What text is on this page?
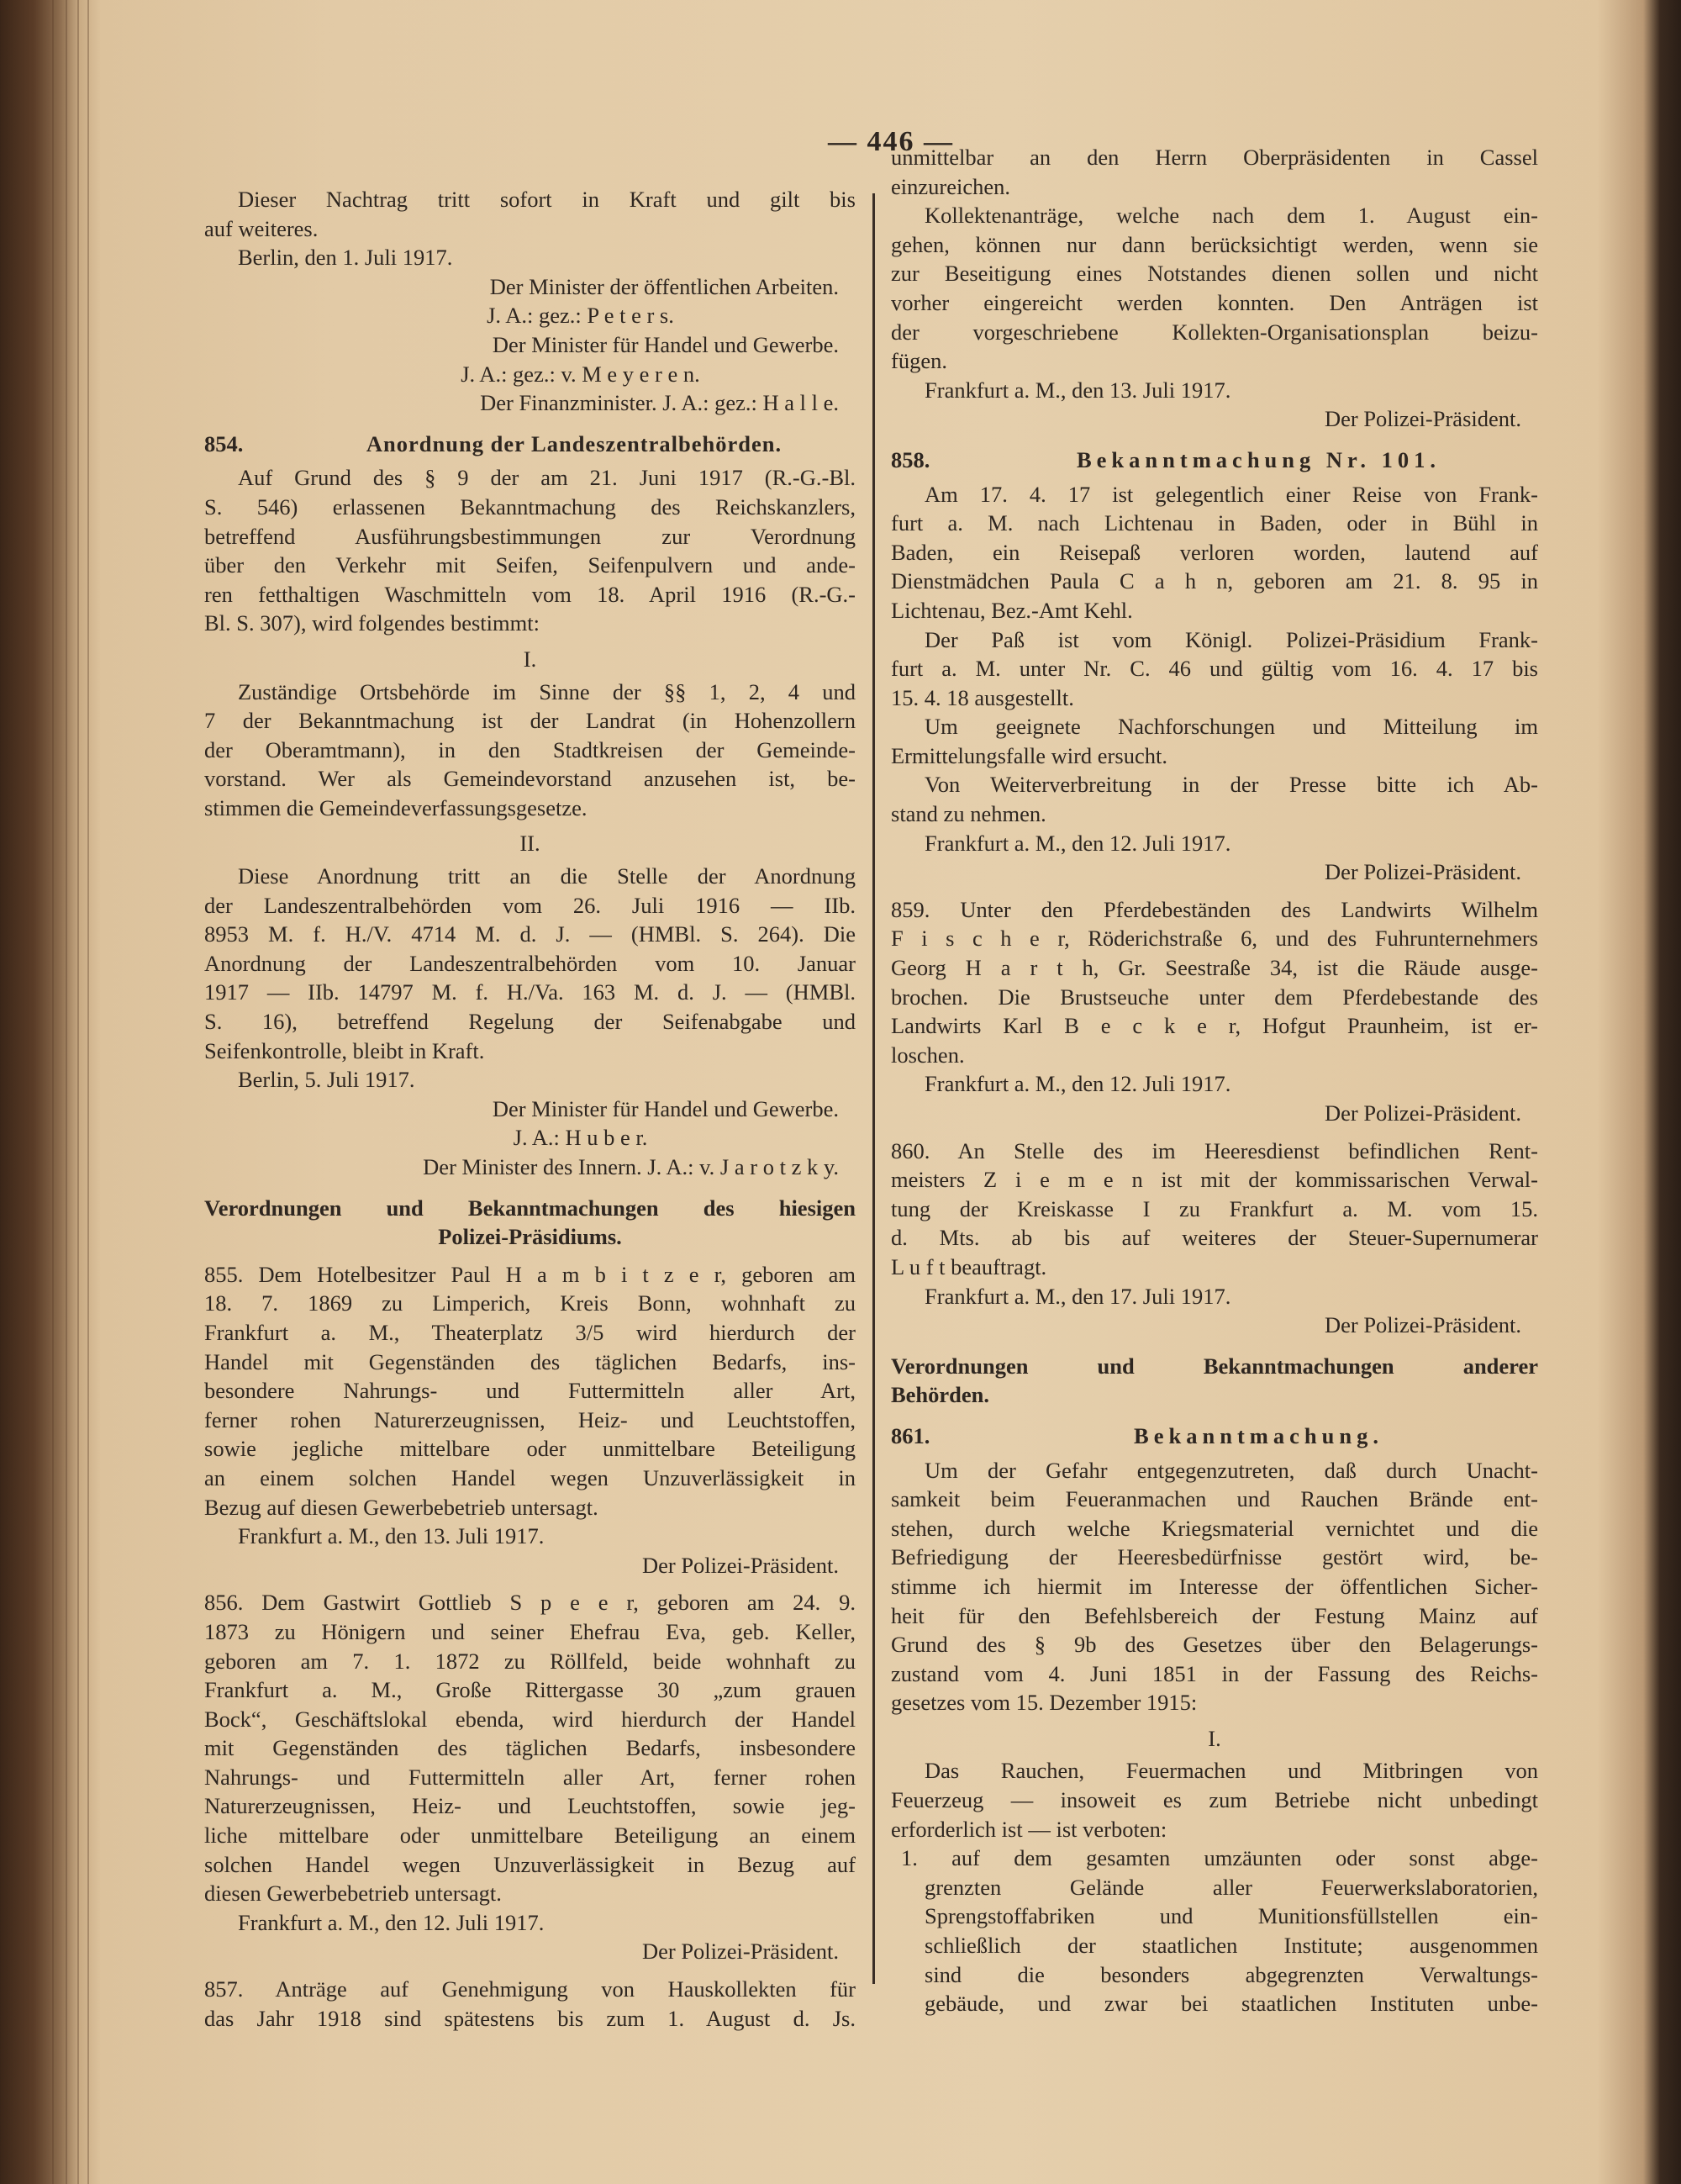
— 446 —
Dieser Nachtrag tritt sofort in Kraft und gilt bis
auf weiteres.
Berlin, den 1. Juli 1917.
Der Minister der öffentlichen Arbeiten.
J. A.: gez.: P e t e r s.
Der Minister für Handel und Gewerbe.
J. A.: gez.: v. M e y e r e n.
Der Finanzminister. J. A.: gez.: H a l l e.
854.	Anordnung der Landeszentralbehörden.
Auf Grund des § 9 der am 21. Juni 1917 (R.-G.-Bl.
S. 546) erlassenen Bekanntmachung des Reichskanzlers,
betreffend Ausführungsbestimmungen zur Verordnung
über den Verkehr mit Seifen, Seifenpulvern und ande-
ren fetthaltigen Waschmitteln vom 18. April 1916 (R.-G.-
Bl. S. 307), wird folgendes bestimmt:
I.
Zuständige Ortsbehörde im Sinne der §§ 1, 2, 4 und
7 der Bekanntmachung ist der Landrat (in Hohenzollern
der Oberamtmann), in den Stadtkreisen der Gemeinde-
vorstand. Wer als Gemeindevorstand anzusehen ist, be-
stimmen die Gemeindeverfassungsgesetze.
II.
Diese Anordnung tritt an die Stelle der Anordnung
der Landeszentralbehörden vom 26. Juli 1916 — IIb.
8953 M. f. H./V. 4714 M. d. J. — (HMBl. S. 264). Die
Anordnung der Landeszentralbehörden vom 10. Januar
1917 — IIb. 14797 M. f. H./Va. 163 M. d. J. — (HMBl.
S. 16), betreffend Regelung der Seifenabgabe und
Seifenkontrolle, bleibt in Kraft.
Berlin, 5. Juli 1917.
Der Minister für Handel und Gewerbe.
J. A.: H u b e r.
Der Minister des Innern. J. A.: v. J a r o t z k y.
Verordnungen und Bekanntmachungen des hiesigen
Polizei-Präsidiums.
855. Dem Hotelbesitzer Paul H a m b i t z e r, geboren am
18. 7. 1869 zu Limperich, Kreis Bonn, wohnhaft zu
Frankfurt a. M., Theaterplatz 3/5 wird hierdurch der
Handel mit Gegenständen des täglichen Bedarfs, ins-
besondere Nahrungs- und Futtermitteln aller Art,
ferner rohen Naturerzeugnissen, Heiz- und Leuchtstoffen,
sowie jegliche mittelbare oder unmittelbare Beteiligung
an einem solchen Handel wegen Unzuverlässigkeit in
Bezug auf diesen Gewerbebetrieb untersagt.
Frankfurt a. M., den 13. Juli 1917.
Der Polizei-Präsident.
856. Dem Gastwirt Gottlieb S p e e r, geboren am 24. 9.
1873 zu Hönigern und seiner Ehefrau Eva, geb. Keller,
geboren am 7. 1. 1872 zu Röllfeld, beide wohnhaft zu
Frankfurt a. M., Große Rittergasse 30 „zum grauen
Bock“, Geschäftslokal ebenda, wird hierdurch der Handel
mit Gegenständen des täglichen Bedarfs, insbesondere
Nahrungs- und Futtermitteln aller Art, ferner rohen
Naturerzeugnissen, Heiz- und Leuchtstoffen, sowie jeg-
liche mittelbare oder unmittelbare Beteiligung an einem
solchen Handel wegen Unzuverlässigkeit in Bezug auf
diesen Gewerbebetrieb untersagt.
Frankfurt a. M., den 12. Juli 1917.
Der Polizei-Präsident.
857. Anträge auf Genehmigung von Hauskollekten für
das Jahr 1918 sind spätestens bis zum 1. August d. Js.
unmittelbar an den Herrn Oberpräsidenten in Cassel
einzureichen.
Kollektenanträge, welche nach dem 1. August ein-
gehen, können nur dann berücksichtigt werden, wenn sie
zur Beseitigung eines Notstandes dienen sollen und nicht
vorher eingereicht werden konnten. Den Anträgen ist
der vorgeschriebene Kollekten-Organisationsplan beizu-
fügen.
Frankfurt a. M., den 13. Juli 1917.
Der Polizei-Präsident.
858.	Bekanntmachung Nr. 101.
Am 17. 4. 17 ist gelegentlich einer Reise von Frank-
furt a. M. nach Lichtenau in Baden, oder in Bühl in
Baden, ein Reisepaß verloren worden, lautend auf
Dienstmädchen Paula C a h n, geboren am 21. 8. 95 in
Lichtenau, Bez.-Amt Kehl.
Der Paß ist vom Königl. Polizei-Präsidium Frank-
furt a. M. unter Nr. C. 46 und gültig vom 16. 4. 17 bis
15. 4. 18 ausgestellt.
Um geeignete Nachforschungen und Mitteilung im
Ermittelungsfalle wird ersucht.
Von Weiterverbreitung in der Presse bitte ich Ab-
stand zu nehmen.
Frankfurt a. M., den 12. Juli 1917.
Der Polizei-Präsident.
859. Unter den Pferdebeständen des Landwirts Wilhelm
F i s c h e r, Röderichstraße 6, und des Fuhrunternehmers
Georg H a r t h, Gr. Seestraße 34, ist die Räude ausge-
brochen. Die Brustseuche unter dem Pferdebestande des
Landwirts Karl B e c k e r, Hofgut Praunheim, ist er-
loschen.
Frankfurt a. M., den 12. Juli 1917.
Der Polizei-Präsident.
860. An Stelle des im Heeresdienst befindlichen Rent-
meisters Z i e m e n ist mit der kommissarischen Verwal-
tung der Kreiskasse I zu Frankfurt a. M. vom 15.
d. Mts. ab bis auf weiteres der Steuer-Supernumerar
L u f t beauftragt.
Frankfurt a. M., den 17. Juli 1917.
Der Polizei-Präsident.
Verordnungen und Bekanntmachungen anderer
Behörden.
861.	Bekanntmachung.
Um der Gefahr entgegenzutreten, daß durch Unacht-
samkeit beim Feueranmachen und Rauchen Brände ent-
stehen, durch welche Kriegsmaterial vernichtet und die
Befriedigung der Heeresbedürfnisse gestört wird, be-
stimme ich hiermit im Interesse der öffentlichen Sicher-
heit für den Befehlsbereich der Festung Mainz auf
Grund des § 9b des Gesetzes über den Belagerungs-
zustand vom 4. Juni 1851 in der Fassung des Reichs-
gesetzes vom 15. Dezember 1915:
I.
Das Rauchen, Feuermachen und Mitbringen von
Feuerzeug — insoweit es zum Betriebe nicht unbedingt
erforderlich ist — ist verboten:
1. auf dem gesamten umzäunten oder sonst abge-
grenzten Gelände aller Feuerwerkslaboratorien,
Sprengstoffabriken und Munitionsfüllstellen ein-
schließlich der staatlichen Institute; ausgenommen
sind die besonders abgegrenzten Verwaltungs-
gebäude, und zwar bei staatlichen Instituten unbe-
